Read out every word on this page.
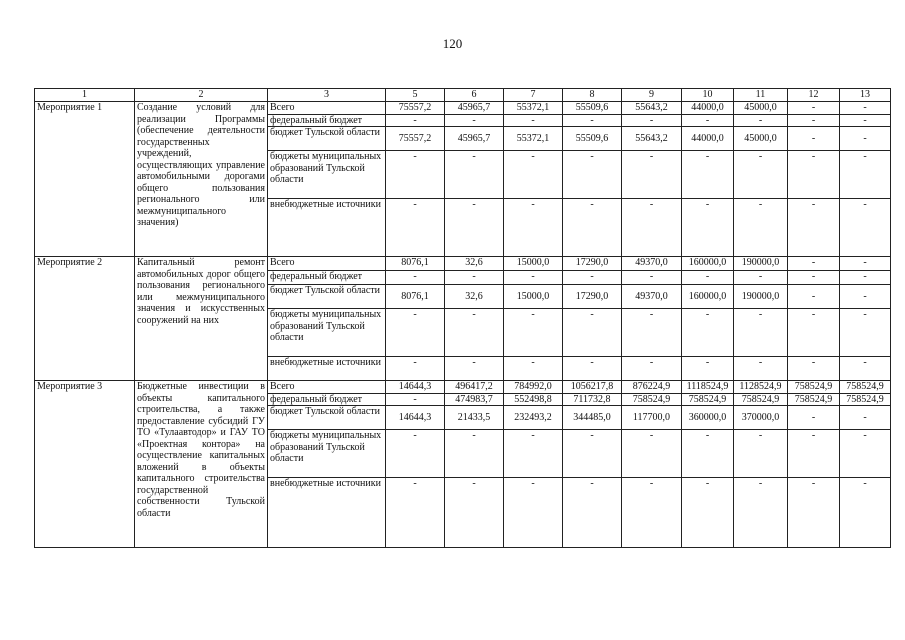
120
1	2	3	5	6	7	8	9	10	11	12	13
Мероприятие 1	Создание условий для реализации Программы (обеспечение деятельности государственных учреждений, осуществляющих управление автомобильными дорогами общего пользования регионального или межмуниципального значения)	Всего	75557,2	45965,7	55372,1	55509,6	55643,2	44000,0	45000,0	-	-

		федеральный бюджет	-	-	-	-	-	-	-	-	-

		бюджет Тульской области	75557,2	45965,7	55372,1	55509,6	55643,2	44000,0	45000,0	-	-

		бюджеты муниципальных образований Тульской области	-	-	-	-	-	-	-	-	-

		внебюджетные источники	-	-	-	-	-	-	-	-	-

Мероприятие 2	Капитальный ремонт автомобильных дорог общего пользования регионального или межмуниципального значения и искусственных сооружений на них	Всего	8076,1	32,6	15000,0	17290,0	49370,0	160000,0	190000,0	-	-

		федеральный бюджет	-	-	-	-	-	-	-	-	-

		бюджет Тульской области	8076,1	32,6	15000,0	17290,0	49370,0	160000,0	190000,0	-	-

		бюджеты муниципальных образований Тульской области	-	-	-	-	-	-	-	-	-

		внебюджетные источники	-	-	-	-	-	-	-	-	-

Мероприятие 3	Бюджетные инвестиции в объекты капитального строительства, а также предоставление субсидий ГУ ТО «Тулаавтодор» и ГАУ ТО «Проектная контора» на осуществление капитальных вложений в объекты капитального строительства государственной собственности Тульской области	Всего	14644,3	496417,2	784992,0	1056217,8	876224,9	1118524,9	1128524,9	758524,9	758524,9

		федеральный бюджет	-	474983,7	552498,8	711732,8	758524,9	758524,9	758524,9	758524,9	758524,9

		бюджет Тульской области	14644,3	21433,5	232493,2	344485,0	117700,0	360000,0	370000,0	-	-

		бюджеты муниципальных образований Тульской области	-	-	-	-	-	-	-	-	-

		внебюджетные источники	-	-	-	-	-	-	-	-	-
